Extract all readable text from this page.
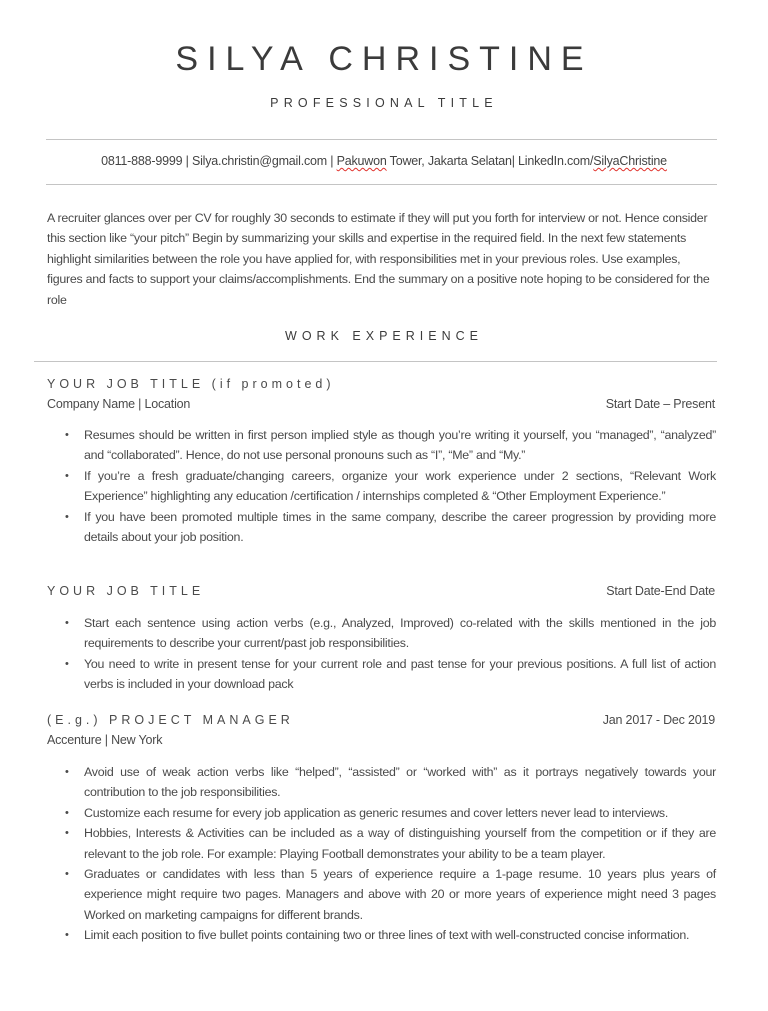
SILYA CHRISTINE
PROFESSIONAL TITLE
0811-888-9999 | Silya.christin@gmail.com | Pakuwon Tower, Jakarta Selatan| LinkedIn.com/SilyaChristine
A recruiter glances over per CV for roughly 30 seconds to estimate if they will put you forth for interview or not. Hence consider this section like “your pitch” Begin by summarizing your skills and expertise in the required field. In the next few statements highlight similarities between the role you have applied for, with responsibilities met in your previous roles. Use examples, figures and facts to support your claims/accomplishments. End the summary on a positive note hoping to be considered for the role
WORK EXPERIENCE
YOUR JOB TITLE (if promoted)
Company Name | Location	Start Date – Present
• Resumes should be written in first person implied style as though you’re writing it yourself, you “managed”, “analyzed” and “collaborated”. Hence, do not use personal pronouns such as “I”, “Me” and “My.”
• If you’re a fresh graduate/changing careers, organize your work experience under 2 sections, “Relevant Work Experience” highlighting any education /certification / internships completed & “Other Employment Experience.”
• If you have been promoted multiple times in the same company, describe the career progression by providing more details about your job position.
YOUR JOB TITLE	Start Date-End Date
• Start each sentence using action verbs (e.g., Analyzed, Improved) co-related with the skills mentioned in the job requirements to describe your current/past job responsibilities.
• You need to write in present tense for your current role and past tense for your previous positions. A full list of action verbs is included in your download pack
(E.g.) PROJECT MANAGER	Jan 2017 - Dec 2019
Accenture | New York
• Avoid use of weak action verbs like “helped”, “assisted” or “worked with” as it portrays negatively towards your contribution to the job responsibilities.
• Customize each resume for every job application as generic resumes and cover letters never lead to interviews.
• Hobbies, Interests & Activities can be included as a way of distinguishing yourself from the competition or if they are relevant to the job role. For example: Playing Football demonstrates your ability to be a team player.
• Graduates or candidates with less than 5 years of experience require a 1-page resume. 10 years plus years of experience might require two pages. Managers and above with 20 or more years of experience might need 3 pages Worked on marketing campaigns for different brands.
• Limit each position to five bullet points containing two or three lines of text with well-constructed concise information.
